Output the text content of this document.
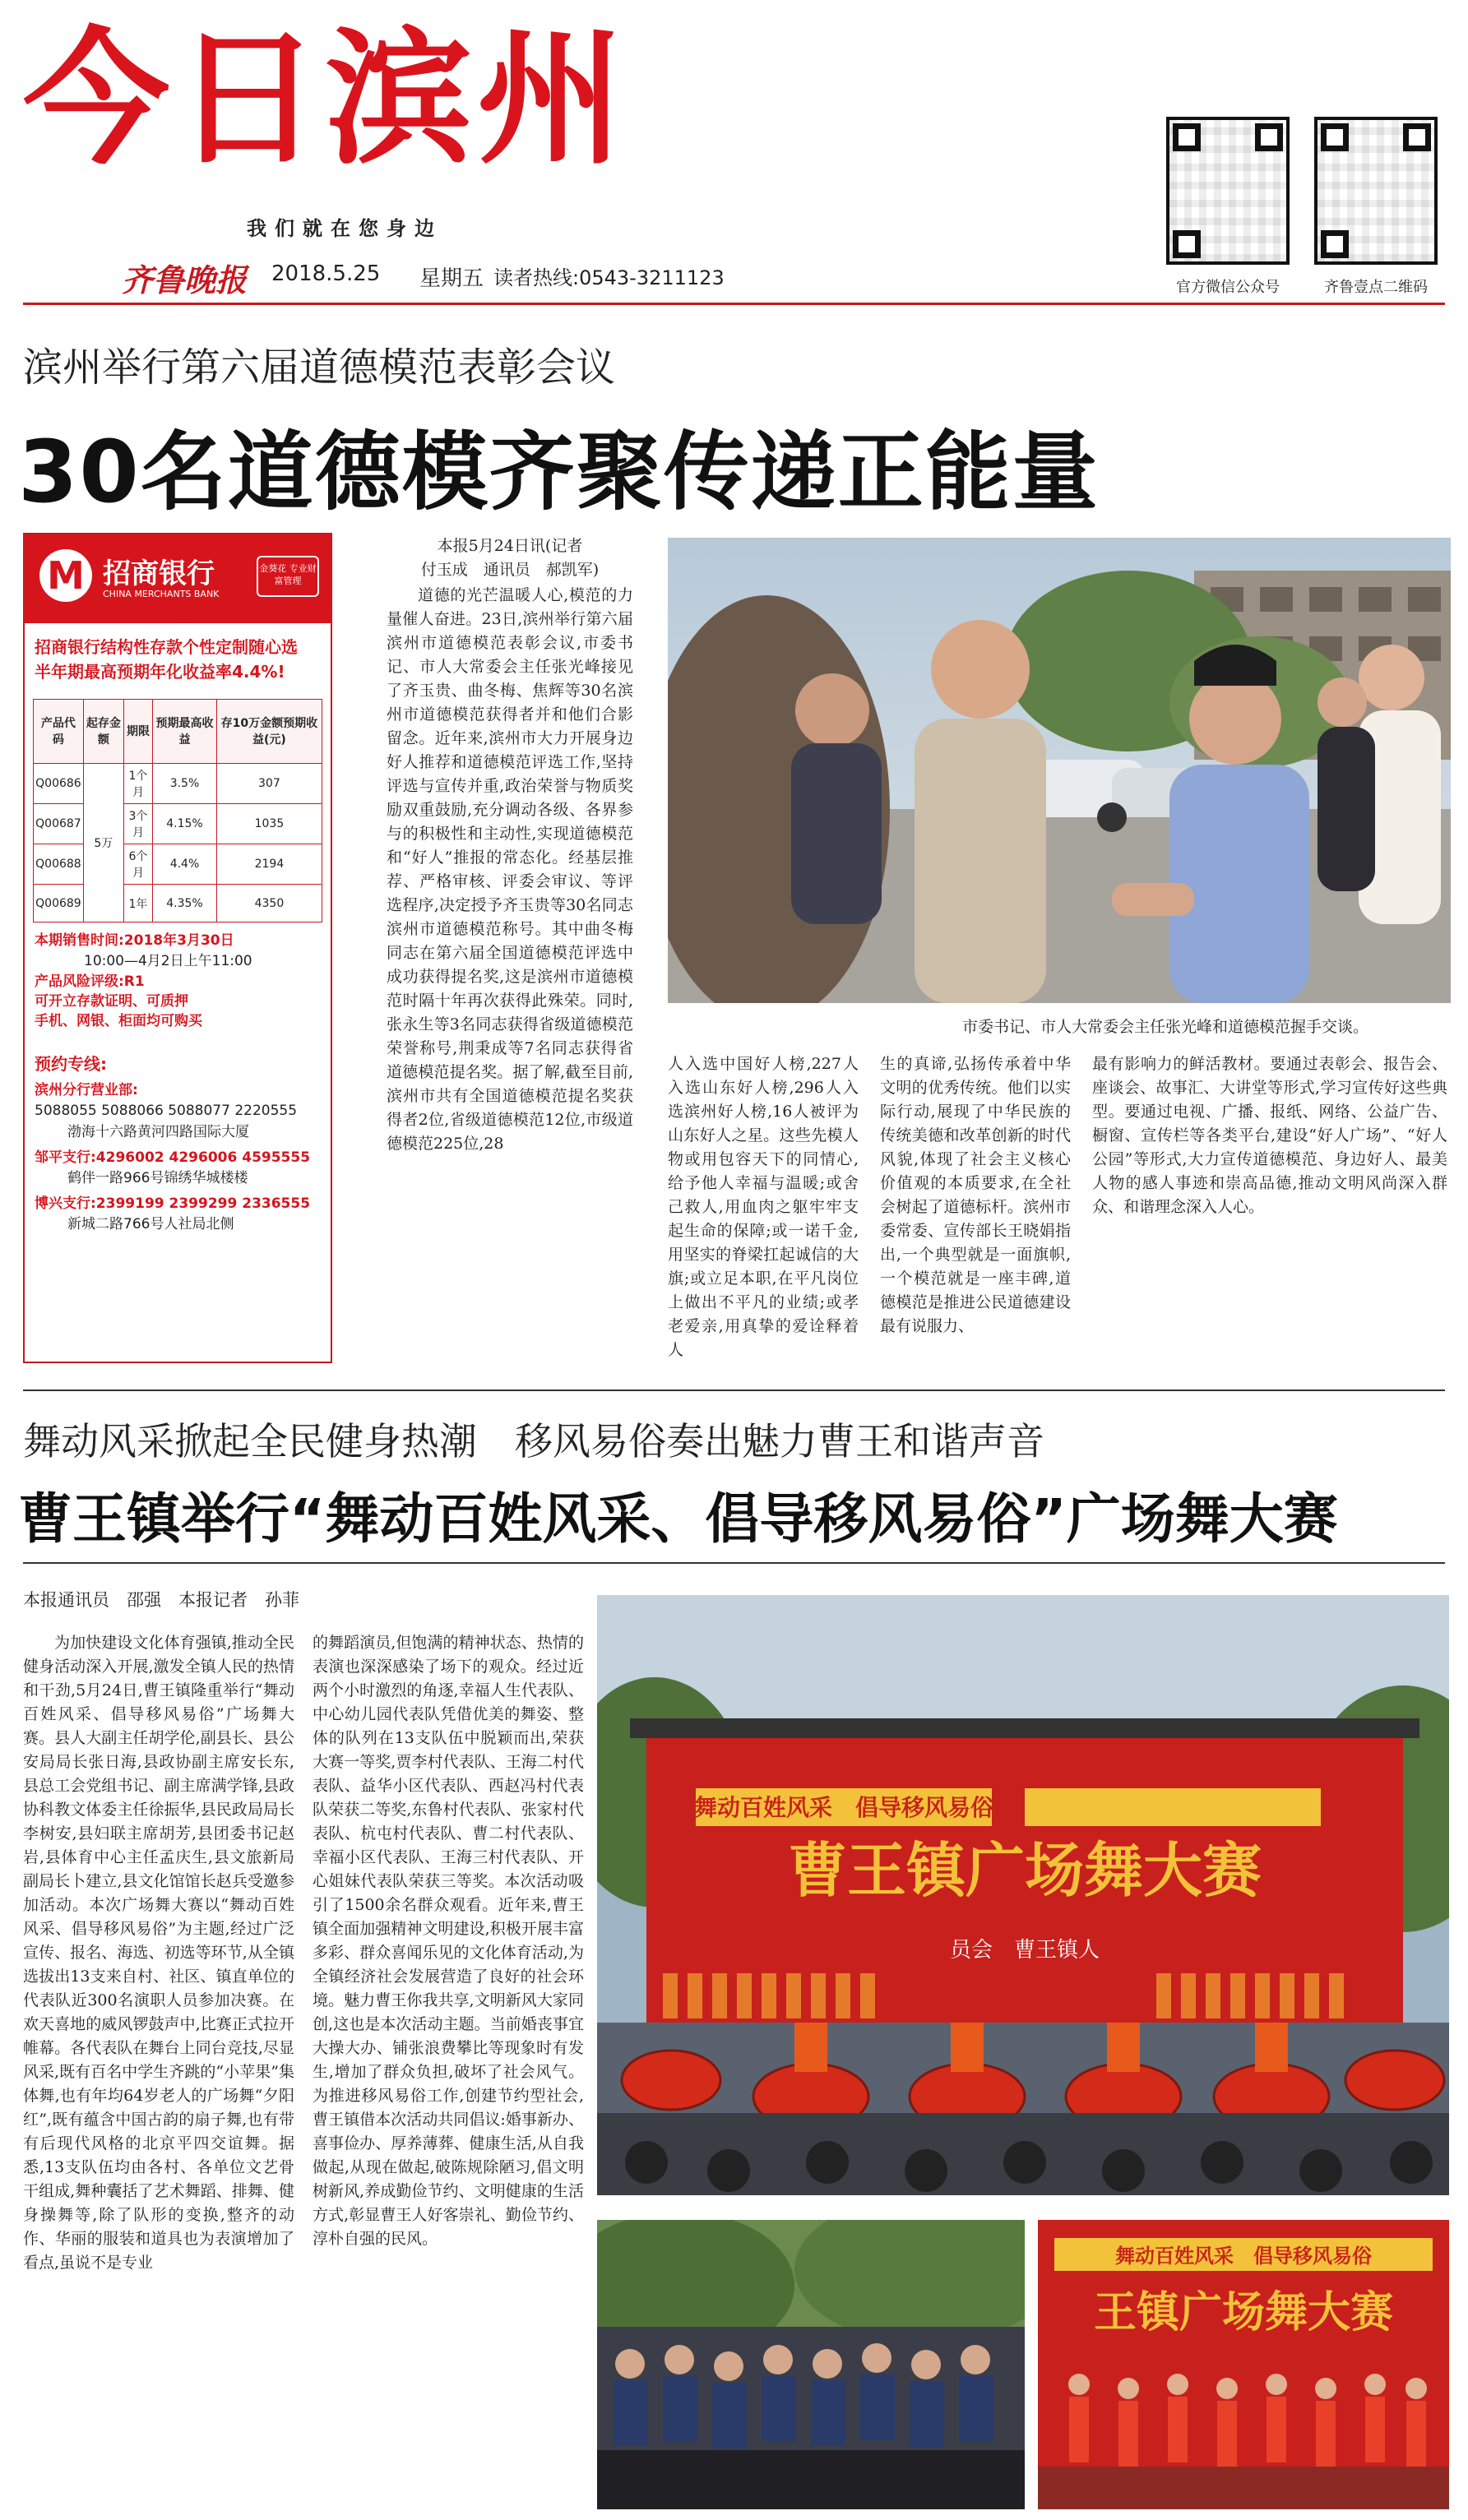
今日滨州
我们就在您身边
齐鲁晚报 2018.5.25 星期五 读者热线:0543-3211123	官方微信公众号	齐鲁壹点二维码
滨州举行第六届道德模范表彰会议
30名道德模齐聚传递正能量
M 招商银行
CHINA MERCHANTS BANK
金葵花 专业财富管理
招商银行结构性存款个性定制随心选
半年期最高预期年化收益率4.4%!
产品代码	起存金额	期限	预期最高收益	存10万金额预期收益(元)
Q00686	5万	1个月	3.5%	307
Q00687		3个月	4.15%	1035
Q00688		6个月	4.4%	2194
Q00689		1年	4.35%	4350
本期销售时间:2018年3月30日
10:00—4月2日上午11:00
产品风险评级:R1
可开立存款证明、可质押
手机、网银、柜面均可购买
预约专线:
滨州分行营业部:
5088055 5088066 5088077 2220555
渤海十六路黄河四路国际大厦
邹平支行:4296002 4296006 4595555
鹤伴一路966号锦绣华城楼楼
博兴支行:2399199 2399299 2336555
新城二路766号人社局北侧
本报5月24日讯(记者
付玉成　通讯员　郝凯军)
道德的光芒温暖人心,模范的力量催人奋进。23日,滨州举行第六届滨州市道德模范表彰会议,市委书记、市人大常委会主任张光峰接见了齐玉贵、曲冬梅、焦辉等30名滨州市道德模范获得者并和他们合影留念。近年来,滨州市大力开展身边好人推荐和道德模范评选工作,坚持评选与宣传并重,政治荣誉与物质奖励双重鼓励,充分调动各级、各界参与的积极性和主动性,实现道德模范和“好人”推报的常态化。经基层推荐、严格审核、评委会审议、等评选程序,决定授予齐玉贵等30名同志滨州市道德模范称号。其中曲冬梅同志在第六届全国道德模范评选中成功获得提名奖,这是滨州市道德模范时隔十年再次获得此殊荣。同时,张永生等3名同志获得省级道德模范荣誉称号,荆秉成等7名同志获得省道德模范提名奖。据了解,截至目前,滨州市共有全国道德模范提名奖获得者2位,省级道德模范12位,市级道德模范225位,28
市委书记、市人大常委会主任张光峰和道德模范握手交谈。
人入选中国好人榜,227人入选山东好人榜,296人入选滨州好人榜,16人被评为山东好人之星。这些先模人物或用包容天下的同情心,给予他人幸福与温暖;或舍己救人,用血肉之躯牢牢支起生命的保障;或一诺千金,用坚实的脊梁扛起诚信的大旗;或立足本职,在平凡岗位上做出不平凡的业绩;或孝老爱亲,用真挚的爱诠释着人
生的真谛,弘扬传承着中华文明的优秀传统。他们以实际行动,展现了中华民族的传统美德和改革创新的时代风貌,体现了社会主义核心价值观的本质要求,在全社会树起了道德标杆。滨州市委常委、宣传部长王晓娟指出,一个典型就是一面旗帜,一个模范就是一座丰碑,道德模范是推进公民道德建设最有说服力、
最有影响力的鲜活教材。要通过表彰会、报告会、座谈会、故事汇、大讲堂等形式,学习宣传好这些典型。要通过电视、广播、报纸、网络、公益广告、橱窗、宣传栏等各类平台,建设“好人广场”、“好人公园”等形式,大力宣传道德模范、身边好人、最美人物的感人事迹和崇高品德,推动文明风尚深入群众、和谐理念深入人心。
舞动风采掀起全民健身热潮　移风易俗奏出魅力曹王和谐声音
曹王镇举行“舞动百姓风采、倡导移风易俗”广场舞大赛
本报通讯员　邵强　本报记者　孙菲
为加快建设文化体育强镇,推动全民健身活动深入开展,激发全镇人民的热情和干劲,5月24日,曹王镇隆重举行“舞动百姓风采、倡导移风易俗”广场舞大赛。县人大副主任胡学伦,副县长、县公安局局长张日海,县政协副主席安长东,县总工会党组书记、副主席满学锋,县政协科教文体委主任徐振华,县民政局局长李树安,县妇联主席胡芳,县团委书记赵岩,县体育中心主任孟庆生,县文旅新局副局长卜建立,县文化馆馆长赵兵受邀参加活动。本次广场舞大赛以“舞动百姓风采、倡导移风易俗”为主题,经过广泛宣传、报名、海选、初选等环节,从全镇选拔出13支来自村、社区、镇直单位的代表队近300名演职人员参加决赛。在欢天喜地的威风锣鼓声中,比赛正式拉开帷幕。各代表队在舞台上同台竞技,尽显风采,既有百名中学生齐跳的“小苹果”集体舞,也有年均64岁老人的广场舞“夕阳红”,既有蕴含中国古韵的扇子舞,也有带有后现代风格的北京平四交谊舞。据悉,13支队伍均由各村、各单位文艺骨干组成,舞种囊括了艺术舞蹈、排舞、健身操舞等,除了队形的变换,整齐的动作、华丽的服装和道具也为表演增加了看点,虽说不是专业
的舞蹈演员,但饱满的精神状态、热情的表演也深深感染了场下的观众。经过近两个小时激烈的角逐,幸福人生代表队、中心幼儿园代表队凭借优美的舞姿、整体的队列在13支队伍中脱颖而出,荣获大赛一等奖,贾李村代表队、王海二村代表队、益华小区代表队、西赵冯村代表队荣获二等奖,东鲁村代表队、张家村代表队、杭屯村代表队、曹二村代表队、幸福小区代表队、王海三村代表队、开心姐妹代表队荣获三等奖。本次活动吸引了1500余名群众观看。近年来,曹王镇全面加强精神文明建设,积极开展丰富多彩、群众喜闻乐见的文化体育活动,为全镇经济社会发展营造了良好的社会环境。魅力曹王你我共享,文明新风大家同创,这也是本次活动主题。当前婚丧事宜大操大办、铺张浪费攀比等现象时有发生,增加了群众负担,破坏了社会风气。为推进移风易俗工作,创建节约型社会,曹王镇借本次活动共同倡议:婚事新办、喜事俭办、厚养薄葬、健康生活,从自我做起,从现在做起,破陈规除陋习,倡文明树新风,养成勤俭节约、文明健康的生活方式,彰显曹王人好客崇礼、勤俭节约、淳朴自强的民风。
舞动百姓风采　倡导移风易俗
曹王镇广场舞大赛
员会　曹王镇人
舞动百姓风采　倡导移风易俗
王镇广场舞大赛
